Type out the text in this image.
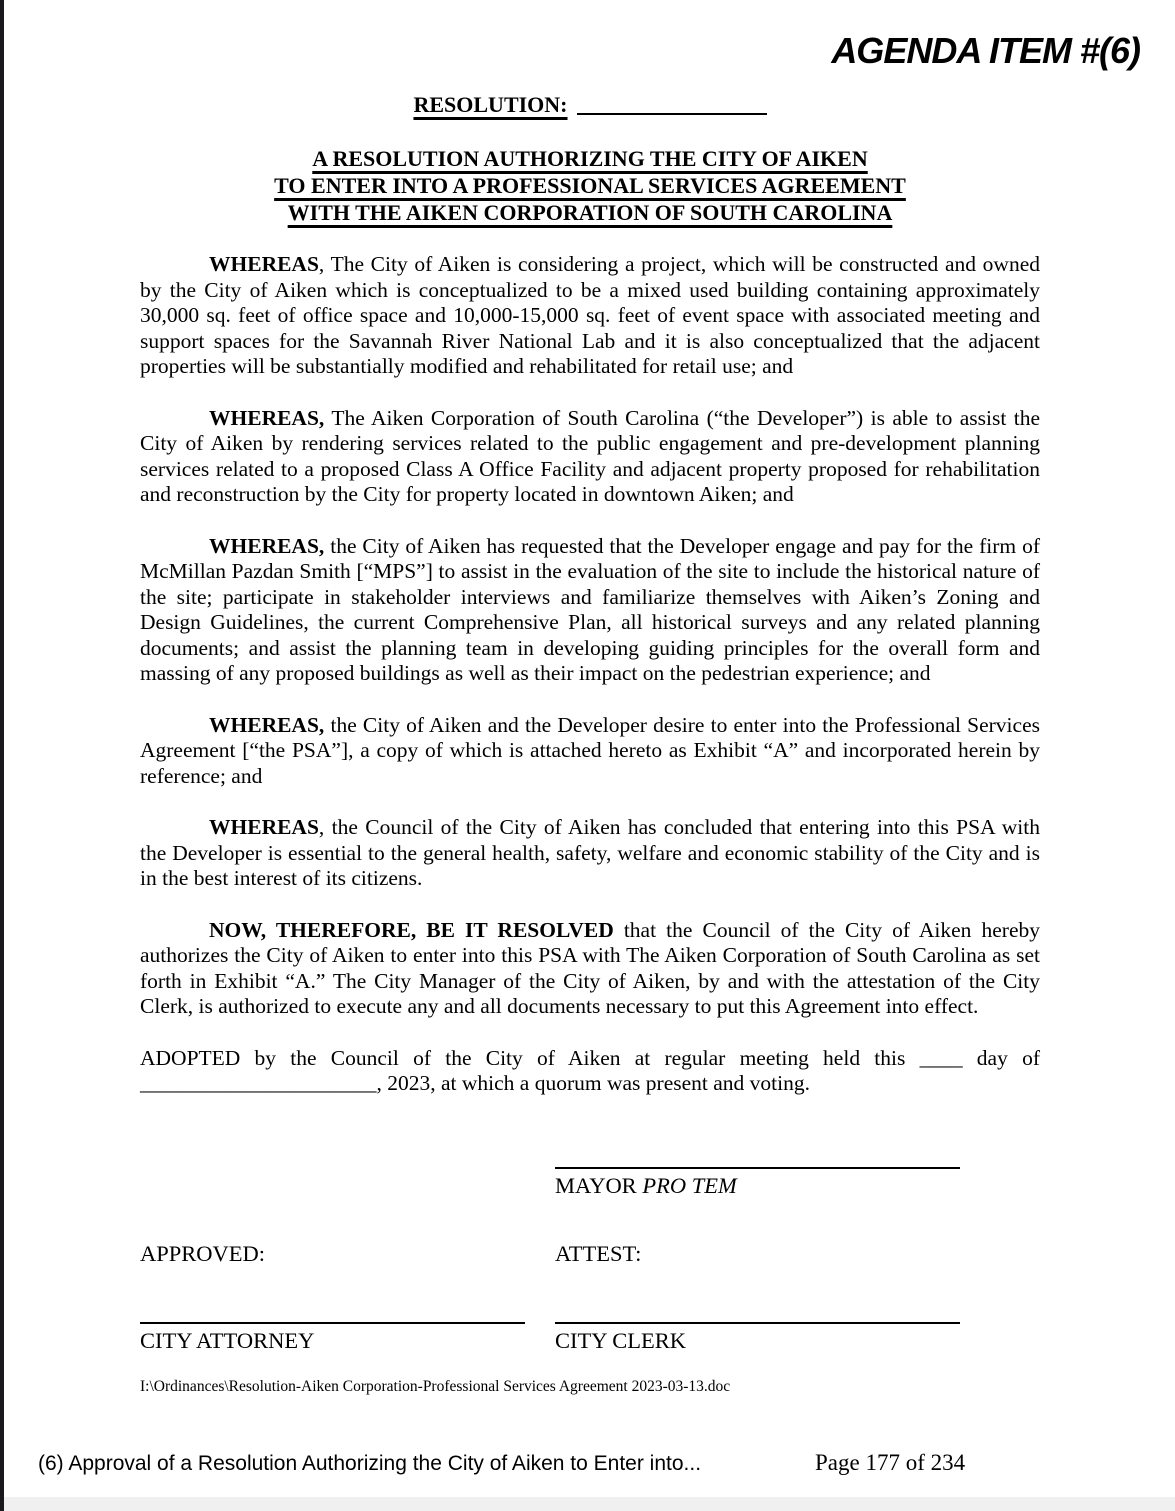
AGENDA ITEM #(6)
RESOLUTION:
A RESOLUTION AUTHORIZING THE CITY OF AIKEN
TO ENTER INTO A PROFESSIONAL SERVICES AGREEMENT
WITH THE AIKEN CORPORATION OF SOUTH CAROLINA

WHEREAS, The City of Aiken is considering a project, which will be constructed and owned by the City of Aiken which is conceptualized to be a mixed used building containing approximately 30,000 sq. feet of office space and 10,000-15,000 sq. feet of event space with associated meeting and support spaces for the Savannah River National Lab and it is also conceptualized that the adjacent properties will be substantially modified and rehabilitated for retail use; and

WHEREAS, The Aiken Corporation of South Carolina (“the Developer”) is able to assist the City of Aiken by rendering services related to the public engagement and pre-development planning services related to a proposed Class A Office Facility and adjacent property proposed for rehabilitation and reconstruction by the City for property located in downtown Aiken; and

WHEREAS, the City of Aiken has requested that the Developer engage and pay for the firm of McMillan Pazdan Smith [“MPS”] to assist in the evaluation of the site to include the historical nature of the site; participate in stakeholder interviews and familiarize themselves with Aiken’s Zoning and Design Guidelines, the current Comprehensive Plan, all historical surveys and any related planning documents; and assist the planning team in developing guiding principles for the overall form and massing of any proposed buildings as well as their impact on the pedestrian experience; and

WHEREAS, the City of Aiken and the Developer desire to enter into the Professional Services Agreement [“the PSA”], a copy of which is attached hereto as Exhibit “A” and incorporated herein by reference; and

WHEREAS, the Council of the City of Aiken has concluded that entering into this PSA with the Developer is essential to the general health, safety, welfare and economic stability of the City and is in the best interest of its citizens.

NOW, THEREFORE, BE IT RESOLVED that the Council of the City of Aiken hereby authorizes the City of Aiken to enter into this PSA with The Aiken Corporation of South Carolina as set forth in Exhibit “A.” The City Manager of the City of Aiken, by and with the attestation of the City Clerk, is authorized to execute any and all documents necessary to put this Agreement into effect.

ADOPTED by the Council of the City of Aiken at regular meeting held this ____ day of ______________________, 2023, at which a quorum was present and voting.

MAYOR PRO TEM
APPROVED:	ATTEST:
CITY ATTORNEY	CITY CLERK
I:\Ordinances\Resolution-Aiken Corporation-Professional Services Agreement 2023-03-13.doc
(6) Approval of a Resolution Authorizing the City of Aiken to Enter into...	Page 177 of 234
